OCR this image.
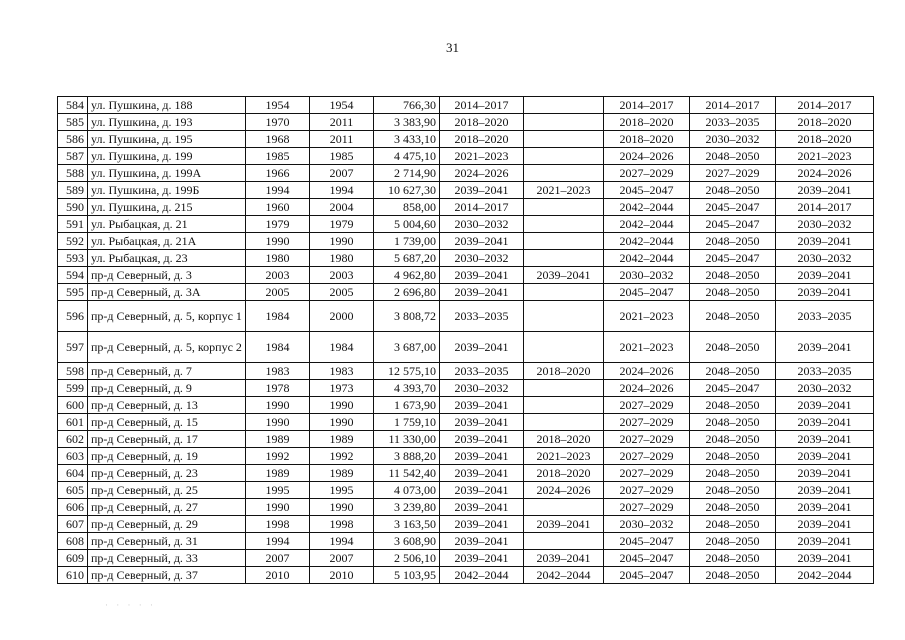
31
584	ул. Пушкина, д. 188	1954	1954	766,30	2014–2017		2014–2017	2014–2017	2014–2017
585	ул. Пушкина, д. 193	1970	2011	3 383,90	2018–2020		2018–2020	2033–2035	2018–2020
586	ул. Пушкина, д. 195	1968	2011	3 433,10	2018–2020		2018–2020	2030–2032	2018–2020
587	ул. Пушкина, д. 199	1985	1985	4 475,10	2021–2023		2024–2026	2048–2050	2021–2023
588	ул. Пушкина, д. 199А	1966	2007	2 714,90	2024–2026		2027–2029	2027–2029	2024–2026
589	ул. Пушкина, д. 199Б	1994	1994	10 627,30	2039–2041	2021–2023	2045–2047	2048–2050	2039–2041
590	ул. Пушкина, д. 215	1960	2004	858,00	2014–2017		2042–2044	2045–2047	2014–2017
591	ул. Рыбацкая, д. 21	1979	1979	5 004,60	2030–2032		2042–2044	2045–2047	2030–2032
592	ул. Рыбацкая, д. 21А	1990	1990	1 739,00	2039–2041		2042–2044	2048–2050	2039–2041
593	ул. Рыбацкая, д. 23	1980	1980	5 687,20	2030–2032		2042–2044	2045–2047	2030–2032
594	пр-д Северный, д. 3	2003	2003	4 962,80	2039–2041	2039–2041	2030–2032	2048–2050	2039–2041
595	пр-д Северный, д. 3А	2005	2005	2 696,80	2039–2041		2045–2047	2048–2050	2039–2041
596	пр-д Северный, д. 5, корпус 1	1984	2000	3 808,72	2033–2035		2021–2023	2048–2050	2033–2035
597	пр-д Северный, д. 5, корпус 2	1984	1984	3 687,00	2039–2041		2021–2023	2048–2050	2039–2041
598	пр-д Северный, д. 7	1983	1983	12 575,10	2033–2035	2018–2020	2024–2026	2048–2050	2033–2035
599	пр-д Северный, д. 9	1978	1973	4 393,70	2030–2032		2024–2026	2045–2047	2030–2032
600	пр-д Северный, д. 13	1990	1990	1 673,90	2039–2041		2027–2029	2048–2050	2039–2041
601	пр-д Северный, д. 15	1990	1990	1 759,10	2039–2041		2027–2029	2048–2050	2039–2041
602	пр-д Северный, д. 17	1989	1989	11 330,00	2039–2041	2018–2020	2027–2029	2048–2050	2039–2041
603	пр-д Северный, д. 19	1992	1992	3 888,20	2039–2041	2021–2023	2027–2029	2048–2050	2039–2041
604	пр-д Северный, д. 23	1989	1989	11 542,40	2039–2041	2018–2020	2027–2029	2048–2050	2039–2041
605	пр-д Северный, д. 25	1995	1995	4 073,00	2039–2041	2024–2026	2027–2029	2048–2050	2039–2041
606	пр-д Северный, д. 27	1990	1990	3 239,80	2039–2041		2027–2029	2048–2050	2039–2041
607	пр-д Северный, д. 29	1998	1998	3 163,50	2039–2041	2039–2041	2030–2032	2048–2050	2039–2041
608	пр-д Северный, д. 31	1994	1994	3 608,90	2039–2041		2045–2047	2048–2050	2039–2041
609	пр-д Северный, д. 33	2007	2007	2 506,10	2039–2041	2039–2041	2045–2047	2048–2050	2039–2041
610	пр-д Северный, д. 37	2010	2010	5 103,95	2042–2044	2042–2044	2045–2047	2048–2050	2042–2044
· · · · ·
